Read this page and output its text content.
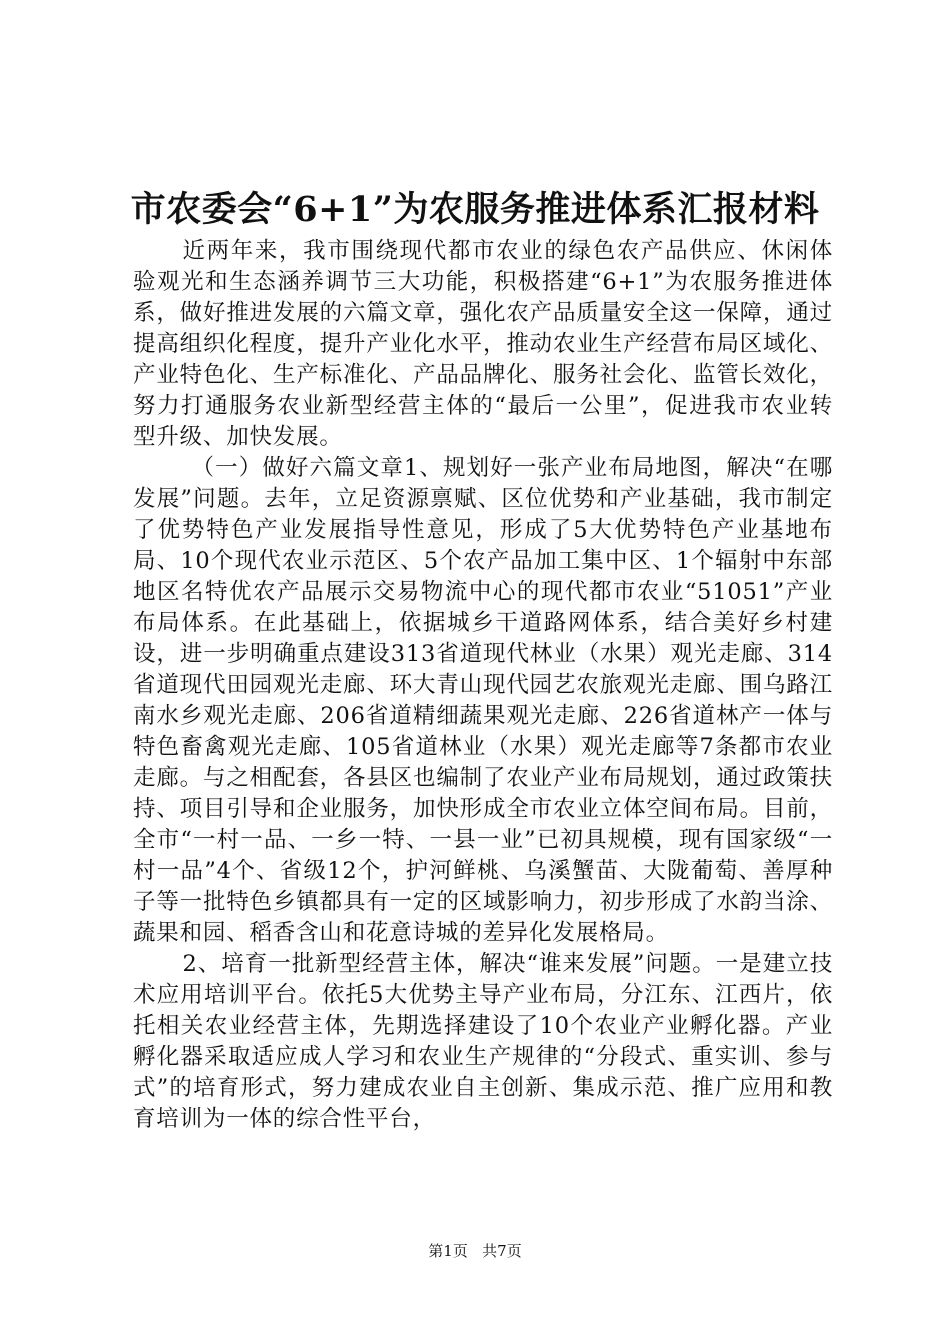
市农委会“6+1”为农服务推进体系汇报材料

近两年来，我市围绕现代都市农业的绿色农产品供应、休闲体验观光和生态涵养调节三大功能，积极搭建“6+1”为农服务推进体系，做好推进发展的六篇文章，强化农产品质量安全这一保障，通过提高组织化程度，提升产业化水平，推动农业生产经营布局区域化、产业特色化、生产标准化、产品品牌化、服务社会化、监管长效化，努力打通服务农业新型经营主体的“最后一公里”，促进我市农业转型升级、加快发展。

（一）做好六篇文章1、规划好一张产业布局地图，解决“在哪发展”问题。去年，立足资源禀赋、区位优势和产业基础，我市制定了优势特色产业发展指导性意见，形成了5大优势特色产业基地布局、10个现代农业示范区、5个农产品加工集中区、1个辐射中东部地区名特优农产品展示交易物流中心的现代都市农业“51051”产业布局体系。在此基础上，依据城乡干道路网体系，结合美好乡村建设，进一步明确重点建设313省道现代林业（水果）观光走廊、314省道现代田园观光走廊、环大青山现代园艺农旅观光走廊、围乌路江南水乡观光走廊、206省道精细蔬果观光走廊、226省道林产一体与特色畜禽观光走廊、105省道林业（水果）观光走廊等7条都市农业走廊。与之相配套，各县区也编制了农业产业布局规划，通过政策扶持、项目引导和企业服务，加快形成全市农业立体空间布局。目前，全市“一村一品、一乡一特、一县一业”已初具规模，现有国家级“一村一品”4个、省级12个，护河鲜桃、乌溪蟹苗、大陇葡萄、善厚种子等一批特色乡镇都具有一定的区域影响力，初步形成了水韵当涂、蔬果和园、稻香含山和花意诗城的差异化发展格局。

2、培育一批新型经营主体，解决“谁来发展”问题。一是建立技术应用培训平台。依托5大优势主导产业布局，分江东、江西片，依托相关农业经营主体，先期选择建设了10个农业产业孵化器。产业孵化器采取适应成人学习和农业生产规律的“分段式、重实训、参与式”的培育形式，努力建成农业自主创新、集成示范、推广应用和教育培训为一体的综合性平台，

第1页 共7页
